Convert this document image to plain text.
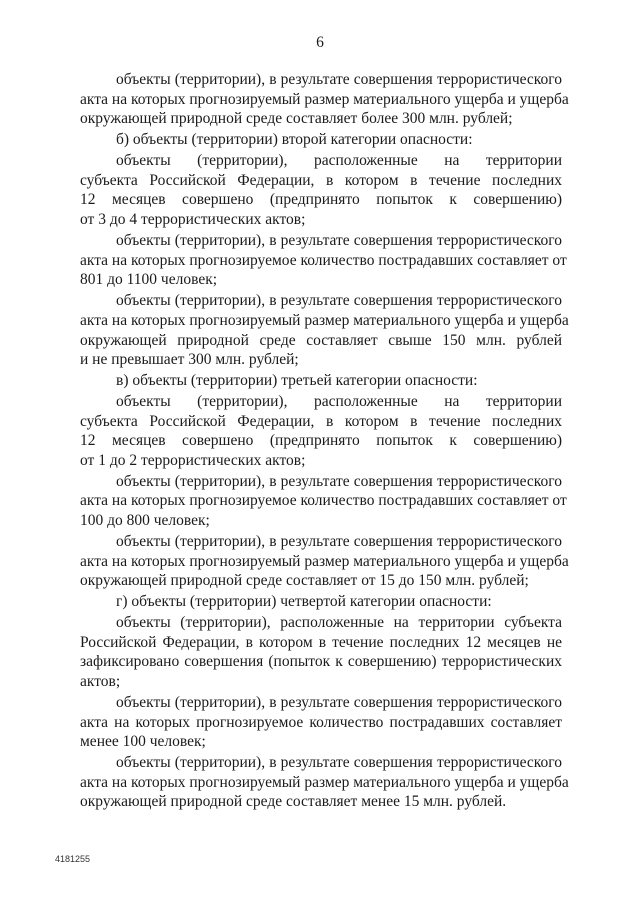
6
объекты (территории), в результате совершения террористического
акта на которых прогнозируемый размер материального ущерба и ущерба
окружающей природной среде составляет более 300 млн. рублей;
б) объекты (территории) второй категории опасности:
объекты (территории), расположенные на территории
субъекта Российской Федерации, в котором в течение последних
12 месяцев совершено (предпринято попыток к совершению)
от 3 до 4 террористических актов;
объекты (территории), в результате совершения террористического
акта на которых прогнозируемое количество пострадавших составляет от
801 до 1100 человек;
объекты (территории), в результате совершения террористического
акта на которых прогнозируемый размер материального ущерба и ущерба
окружающей природной среде составляет свыше 150 млн. рублей
и не превышает 300 млн. рублей;
в) объекты (территории) третьей категории опасности:
объекты (территории), расположенные на территории
субъекта Российской Федерации, в котором в течение последних
12 месяцев совершено (предпринято попыток к совершению)
от 1 до 2 террористических актов;
объекты (территории), в результате совершения террористического
акта на которых прогнозируемое количество пострадавших составляет от
100 до 800 человек;
объекты (территории), в результате совершения террористического
акта на которых прогнозируемый размер материального ущерба и ущерба
окружающей природной среде составляет от 15 до 150 млн. рублей;
г) объекты (территории) четвертой категории опасности:
объекты (территории), расположенные на территории субъекта
Российской Федерации, в котором в течение последних 12 месяцев не
зафиксировано совершения (попыток к совершению) террористических
актов;
объекты (территории), в результате совершения террористического
акта на которых прогнозируемое количество пострадавших составляет
менее 100 человек;
объекты (территории), в результате совершения террористического
акта на которых прогнозируемый размер материального ущерба и ущерба
окружающей природной среде составляет менее 15 млн. рублей.
4181255
